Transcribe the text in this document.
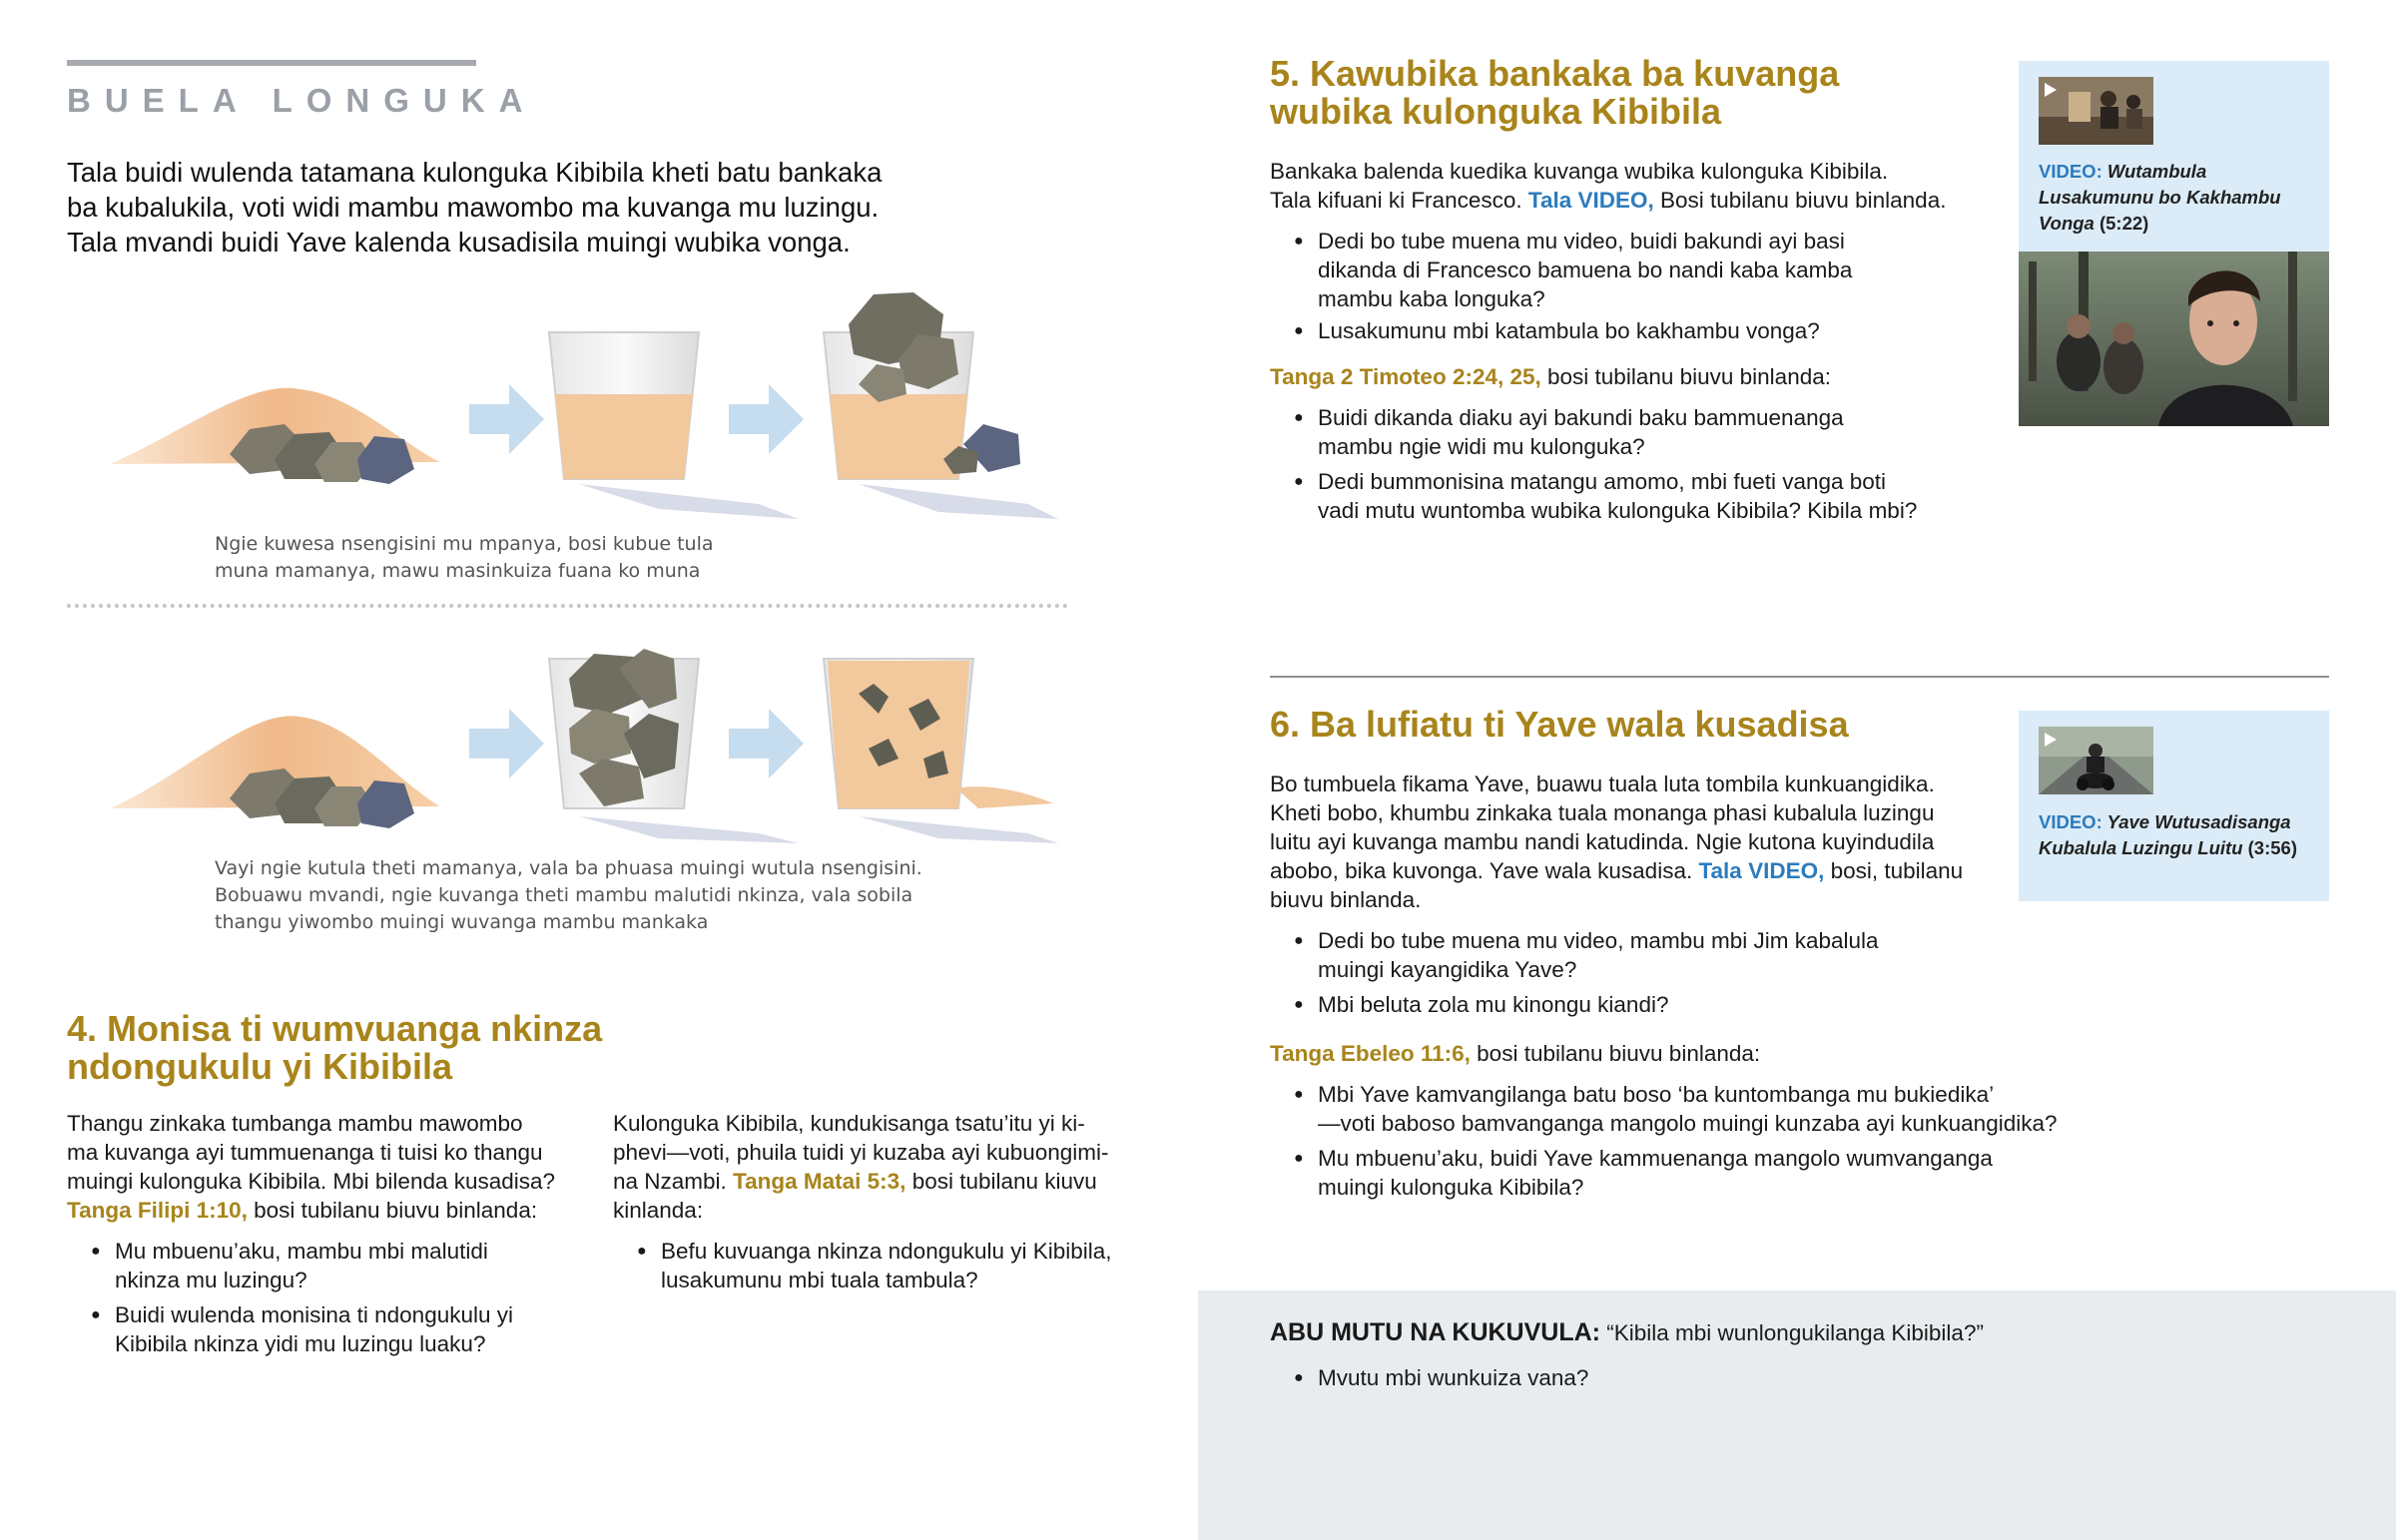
BUELA LONGUKA
Tala buidi wulenda tatamana kulonguka Kibibila kheti batu bankaka
ba kubalukila, voti widi mambu mawombo ma kuvanga mu luzingu.
Tala mvandi buidi Yave kalenda kusadisila muingi wubika vonga.
Ngie kuwesa nsengisini mu mpanya, bosi kubue tula
muna mamanya, mawu masinkuiza fuana ko muna
Vayi ngie kutula theti mamanya, vala ba phuasa muingi wutula nsengisini.
Bobuawu mvandi, ngie kuvanga theti mambu malutidi nkinza, vala sobila
thangu yiwombo muingi wuvanga mambu mankaka
4. Monisa ti wumvuanga nkinza
ndongukulu yi Kibibila
Thangu zinkaka tumbanga mambu mawombo
ma kuvanga ayi tummuenanga ti tuisi ko thangu
muingi kulonguka Kibibila. Mbi bilenda kusadisa?
Tanga Filipi 1:10, bosi tubilanu biuvu binlanda:
● Mu mbuenu’aku, mambu mbi malutidi
nkinza mu luzingu?
● Buidi wulenda monisina ti ndongukulu yi
Kibibila nkinza yidi mu luzingu luaku?
Kulonguka Kibibila, kundukisanga tsatu’itu yi ki-
phevi—voti, phuila tuidi yi kuzaba ayi kubuongimi-
na Nzambi. Tanga Matai 5:3, bosi tubilanu kiuvu
kinlanda:
● Befu kuvuanga nkinza ndongukulu yi Kibibila,
lusakumunu mbi tuala tambula?
5. Kawubika bankaka ba kuvanga
wubika kulonguka Kibibila
Bankaka balenda kuedika kuvanga wubika kulonguka Kibibila.
Tala kifuani ki Francesco. Tala VIDEO, Bosi tubilanu biuvu binlanda.
● Dedi bo tube muena mu video, buidi bakundi ayi basi
dikanda di Francesco bamuena bo nandi kaba kamba
mambu kaba longuka?
● Lusakumunu mbi katambula bo kakhambu vonga?
Tanga 2 Timoteo 2:24, 25, bosi tubilanu biuvu binlanda:
● Buidi dikanda diaku ayi bakundi baku bammuenanga
mambu ngie widi mu kulonguka?
● Dedi bummonisina matangu amomo, mbi fueti vanga boti
vadi mutu wuntomba wubika kulonguka Kibibila? Kibila mbi?
VIDEO: Wutambula
Lusakumunu bo Kakhambu
Vonga (5:22)
6. Ba lufiatu ti Yave wala kusadisa
Bo tumbuela fikama Yave, buawu tuala luta tombila kunkuangidika.
Kheti bobo, khumbu zinkaka tuala monanga phasi kubalula luzingu
luitu ayi kuvanga mambu nandi katudinda. Ngie kutona kuyindudila
abobo, bika kuvonga. Yave wala kusadisa. Tala VIDEO, bosi, tubilanu
biuvu binlanda.
● Dedi bo tube muena mu video, mambu mbi Jim kabalula
muingi kayangidika Yave?
● Mbi beluta zola mu kinongu kiandi?
Tanga Ebeleo 11:6, bosi tubilanu biuvu binlanda:
● Mbi Yave kamvangilanga batu boso ‘ba kuntombanga mu bukiedika’
—voti baboso bamvanganga mangolo muingi kunzaba ayi kunkuangidika?
● Mu mbuenu’aku, buidi Yave kammuenanga mangolo wumvanganga
muingi kulonguka Kibibila?
VIDEO: Yave Wutusadisanga
Kubalula Luzingu Luitu (3:56)
ABU MUTU NA KUKUVULA: “Kibila mbi wunlongukilanga Kibibila?”
● Mvutu mbi wunkuiza vana?
